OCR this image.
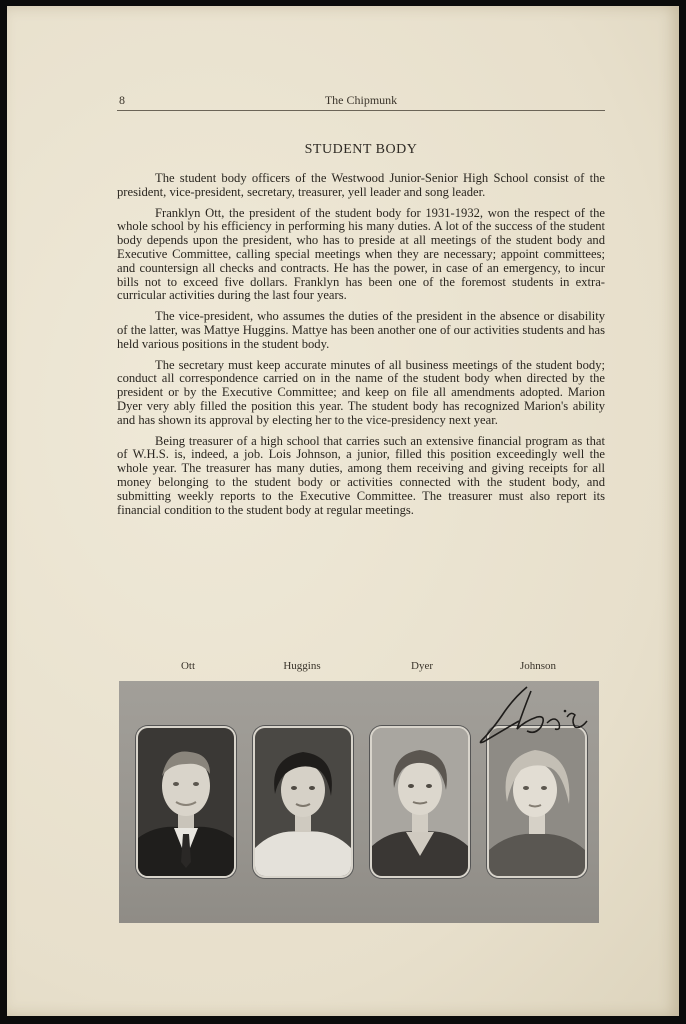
8	The Chipmunk
STUDENT BODY

The student body officers of the Westwood Junior-Senior High School consist of the president, vice-president, secretary, treasurer, yell leader and song leader.

Franklyn Ott, the president of the student body for 1931-1932, won the respect of the whole school by his efficiency in performing his many duties. A lot of the success of the student body depends upon the president, who has to preside at all meetings of the student body and Executive Committee, calling special meetings when they are necessary; appoint committees; and countersign all checks and contracts. He has the power, in case of an emergency, to incur bills not to exceed five dollars. Franklyn has been one of the foremost students in extra-curricular activities during the last four years.

The vice-president, who assumes the duties of the president in the absence or disability of the latter, was Mattye Huggins. Mattye has been another one of our activities students and has held various positions in the student body.

The secretary must keep accurate minutes of all business meetings of the student body; conduct all correspondence carried on in the name of the student body when directed by the president or by the Executive Committee; and keep on file all amendments adopted. Marion Dyer very ably filled the position this year. The student body has recognized Marion's ability and has shown its approval by electing her to the vice-presidency next year.

Being treasurer of a high school that carries such an extensive financial program as that of W.H.S. is, indeed, a job. Lois Johnson, a junior, filled this position exceedingly well the whole year. The treasurer has many duties, among them receiving and giving receipts for all money belonging to the student body or activities connected with the student body, and submitting weekly reports to the Executive Committee. The treasurer must also report its financial condition to the student body at regular meetings.

Ott	Huggins	Dyer	Johnson
